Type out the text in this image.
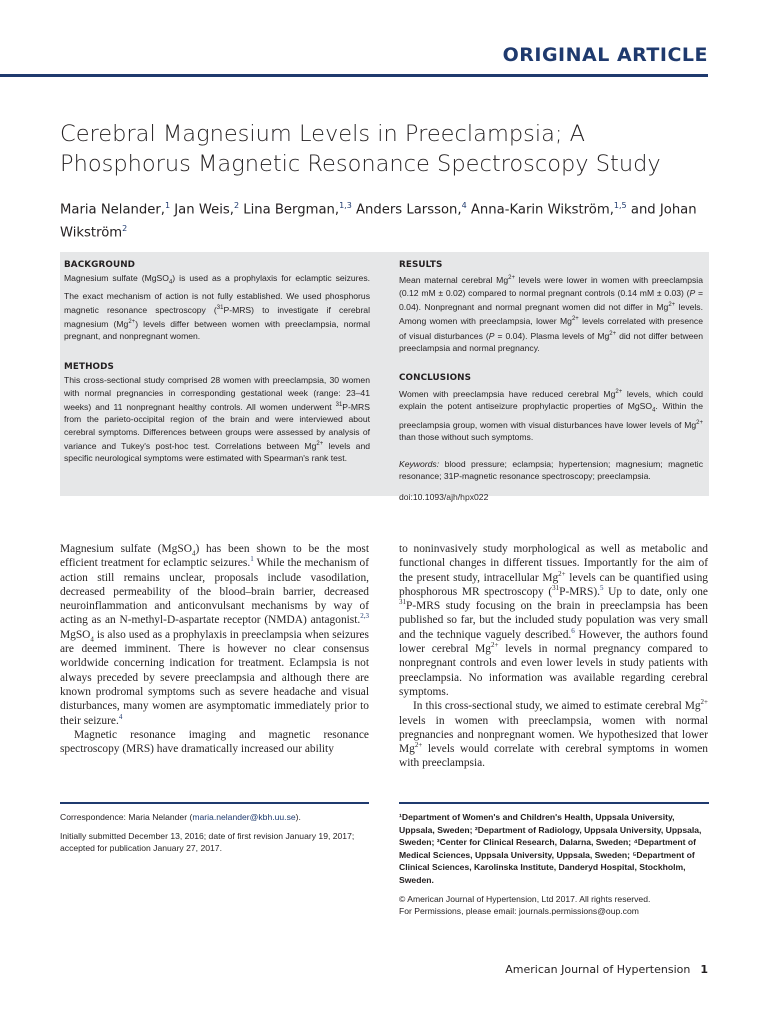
ORIGINAL ARTICLE
Cerebral Magnesium Levels in Preeclampsia; A Phosphorus Magnetic Resonance Spectroscopy Study
Maria Nelander,$^1$ Jan Weis,$^2$ Lina Bergman,$^{1,3}$ Anders Larsson,$^4$ Anna-Karin Wikström,$^{1,5}$ and Johan Wikström$^2$
BACKGROUND

Magnesium sulfate (MgSO$_4$) is used as a prophylaxis for eclamptic seizures. The exact mechanism of action is not fully established. We used phosphorus magnetic resonance spectroscopy ($^{31}$P-MRS) to investigate if cerebral magnesium $(Mg^{2+})$ levels differ between women with preeclampsia, normal pregnant, and nonpregnant women.

METHODS

This cross-sectional study comprised 28 women with preeclampsia, 30 women with normal pregnancies in corresponding gestational week (range: 23–41 weeks) and 11 nonpregnant healthy controls. All women underwent $^{31}$P-MRS from the parieto-occipital region of the brain and were interviewed about cerebral symptoms. Differences between groups were assessed by analysis of variance and Tukey's post-hoc test. Correlations between $Mg^{2+}$ levels and specific neurological symptoms were estimated with Spearman's rank test.

RESULTS

Mean maternal cerebral $Mg^{2+}$ levels were lower in women with preeclampsia (0.12 mM ± 0.02) compared to normal pregnant controls (0.14 mM ± 0.03) (P = 0.04). Nonpregnant and normal pregnant women did not differ in $Mg^{2+}$ levels. Among women with preeclampsia, lower $Mg^{2+}$ levels correlated with presence of visual disturbances (P = 0.04). Plasma levels of $Mg^{2+}$ did not differ between preeclampsia and normal pregnancy.

CONCLUSIONS

Women with preeclampsia have reduced cerebral $Mg^{2+}$ levels, which could explain the potent antiseizure prophylactic properties of MgSO$_4$. Within the preeclampsia group, women with visual disturbances have lower levels of $Mg^{2+}$ than those without such symptoms.

Keywords: blood pressure; eclampsia; hypertension; magnesium; magnetic resonance; 31P-magnetic resonance spectroscopy; preeclampsia.

doi:10.1093/ajh/hpx022

Magnesium sulfate (MgSO$_4$) has been shown to be the most efficient treatment for eclamptic seizures.$^1$ While the mechanism of action still remains unclear, proposals include vasodilation, decreased permeability of the blood–brain barrier, decreased neuroinflammation and anticonvulsant mechanisms by way of acting as an N-methyl-D-aspartate receptor (NMDA) antagonist.$^{2,3}$ MgSO$_4$ is also used as a prophylaxis in preeclampsia when seizures are deemed imminent. There is however no clear consensus worldwide concerning indication for treatment. Eclampsia is not always preceded by severe preeclampsia and although there are known prodromal symptoms such as severe headache and visual disturbances, many women are asymptomatic immediately prior to their seizure.$^4$

Magnetic resonance imaging and magnetic resonance spectroscopy (MRS) have dramatically increased our ability

to noninvasively study morphological as well as metabolic and functional changes in different tissues. Importantly for the aim of the present study, intracellular $Mg^{2+}$ levels can be quantified using phosphorous MR spectroscopy ($^{31}$P-MRS).$^5$ Up to date, only one $^{31}$P-MRS study focusing on the brain in preeclampsia has been published so far, but the included study population was very small and the technique vaguely described.$^6$ However, the authors found lower cerebral $Mg^{2+}$ levels in normal pregnancy compared to nonpregnant controls and even lower levels in study patients with preeclampsia. No information was available regarding cerebral symptoms.

In this cross-sectional study, we aimed to estimate cerebral $Mg^{2+}$ levels in women with preeclampsia, women with normal pregnancies and nonpregnant women. We hypothesized that lower $Mg^{2+}$ levels would correlate with cerebral symptoms in women with preeclampsia.

Correspondence: Maria Nelander (maria.nelander@kbh.uu.se).

Initially submitted December 13, 2016; date of first revision January 19, 2017; accepted for publication January 27, 2017.

¹Department of Women's and Children's Health, Uppsala University, Uppsala, Sweden; ²Department of Radiology, Uppsala University, Uppsala, Sweden; ³Center for Clinical Research, Dalarna, Sweden; ⁴Department of Medical Sciences, Uppsala University, Uppsala, Sweden; ⁵Department of Clinical Sciences, Karolinska Institute, Danderyd Hospital, Stockholm, Sweden.

© American Journal of Hypertension, Ltd 2017. All rights reserved.

For Permissions, please email: journals.permissions@oup.com

American Journal of Hypertension 1
